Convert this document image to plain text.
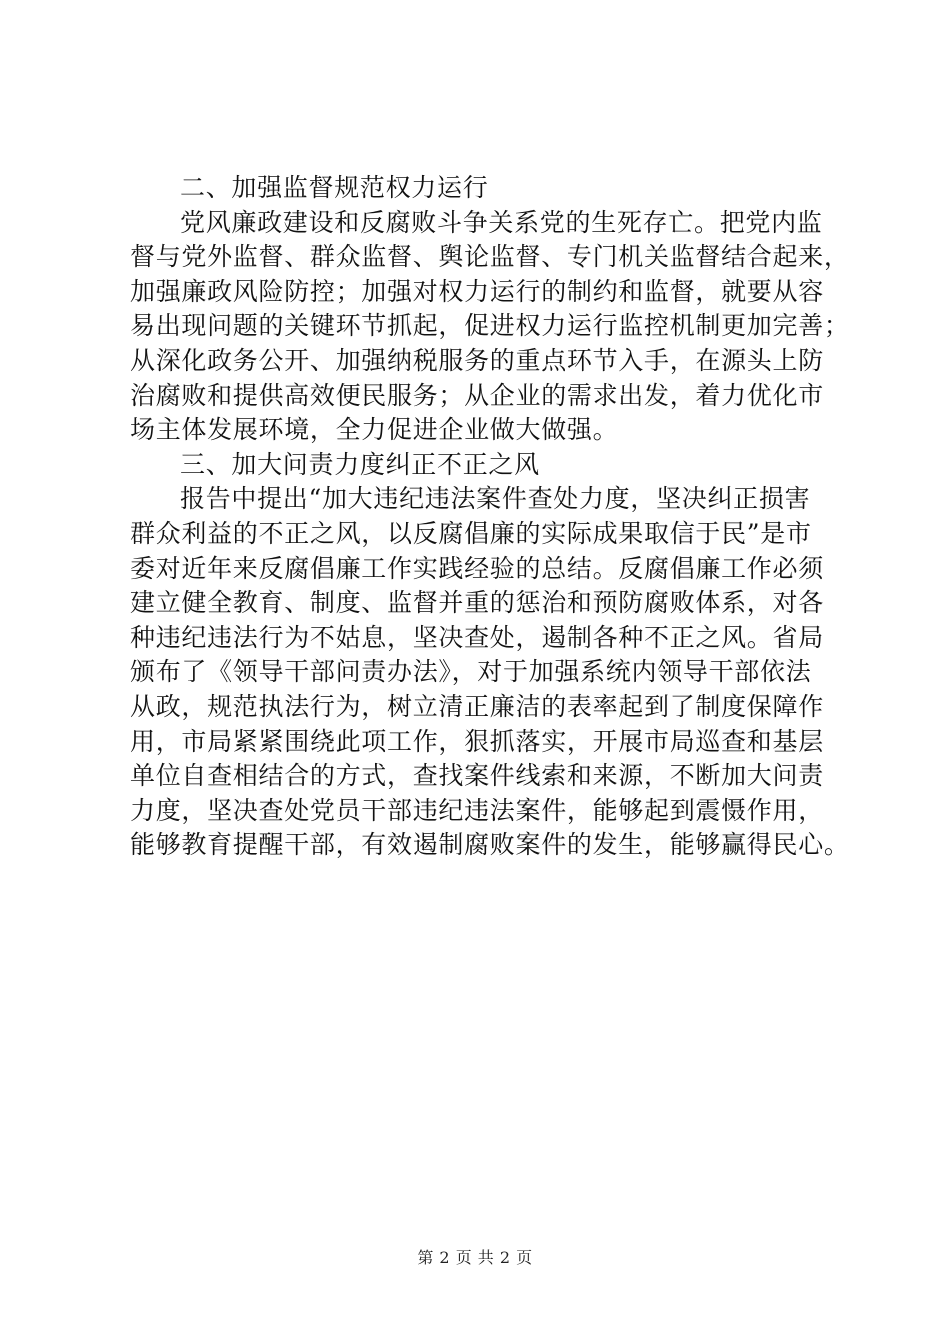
二、加强监督规范权力运行
党风廉政建设和反腐败斗争关系党的生死存亡。把党内监
督与党外监督、群众监督、舆论监督、专门机关监督结合起来，
加强廉政风险防控；加强对权力运行的制约和监督，就要从容
易出现问题的关键环节抓起，促进权力运行监控机制更加完善；
从深化政务公开、加强纳税服务的重点环节入手，在源头上防
治腐败和提供高效便民服务；从企业的需求出发，着力优化市
场主体发展环境，全力促进企业做大做强。
三、加大问责力度纠正不正之风
报告中提出“加大违纪违法案件查处力度，坚决纠正损害
群众利益的不正之风，以反腐倡廉的实际成果取信于民”是市
委对近年来反腐倡廉工作实践经验的总结。反腐倡廉工作必须
建立健全教育、制度、监督并重的惩治和预防腐败体系，对各
种违纪违法行为不姑息，坚决查处，遏制各种不正之风。省局
颁布了《领导干部问责办法》，对于加强系统内领导干部依法
从政，规范执法行为，树立清正廉洁的表率起到了制度保障作
用，市局紧紧围绕此项工作，狠抓落实，开展市局巡查和基层
单位自查相结合的方式，查找案件线索和来源，不断加大问责
力度，坚决查处党员干部违纪违法案件，能够起到震慑作用，
能够教育提醒干部，有效遏制腐败案件的发生，能够赢得民心。
第 2 页 共 2 页
